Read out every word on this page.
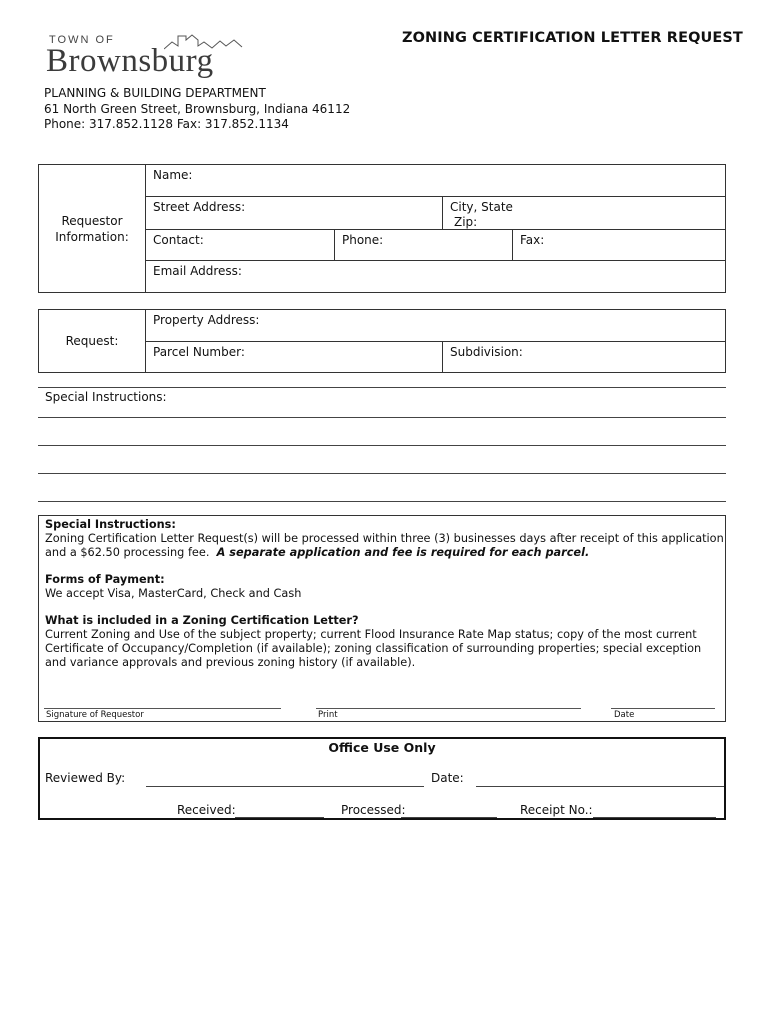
ZONING CERTIFICATION LETTER REQUEST
TOWN OF
Brownsburg
PLANNING & BUILDING DEPARTMENT
61 North Green Street, Brownsburg, Indiana 46112
Phone: 317.852.1128 Fax: 317.852.1134
Requestor
Information:
Name:
Street Address:	City, State
Zip:
Contact:	Phone:	Fax:
Email Address:
Request:
Property Address:
Parcel Number:	Subdivision:
Special Instructions:

Special Instructions:

Zoning Certification Letter Request(s) will be processed within three (3) businesses days after receipt of this application and a $62.50 processing fee. A separate application and fee is required for each parcel.

Forms of Payment:

We accept Visa, MasterCard, Check and Cash

What is included in a Zoning Certification Letter?

Current Zoning and Use of the subject property; current Flood Insurance Rate Map status; copy of the most current Certificate of Occupancy/Completion (if available); zoning classification of surrounding properties; special exception and variance approvals and previous zoning history (if available).

Signature of Requestor	Print	Date
Office Use Only
Reviewed By:	Date:
Received:	Processed:	Receipt No.:
